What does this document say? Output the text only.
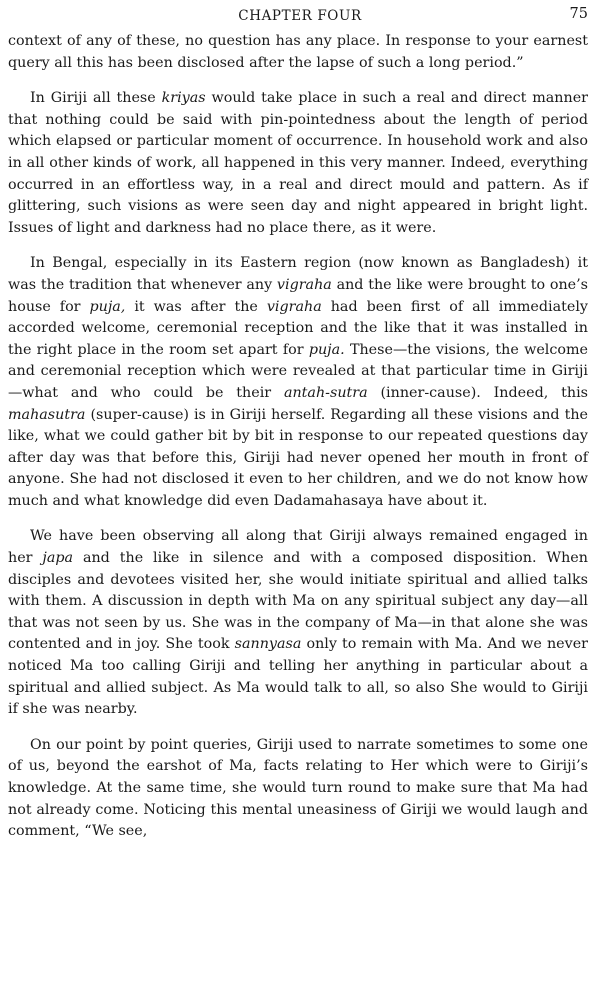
CHAPTER FOUR	75

context of any of these, no question has any place. In response to your earnest query all this has been disclosed after the lapse of such a long period.”

In Giriji all these kriyas would take place in such a real and direct manner that nothing could be said with pin-pointedness about the length of period which elapsed or particular moment of occurrence. In household work and also in all other kinds of work, all happened in this very manner. Indeed, everything occurred in an effortless way, in a real and direct mould and pattern. As if glittering, such visions as were seen day and night appeared in bright light. Issues of light and darkness had no place there, as it were.

In Bengal, especially in its Eastern region (now known as Bangladesh) it was the tradition that whenever any vigraha and the like were brought to one’s house for puja, it was after the vigraha had been first of all immediately accorded welcome, ceremonial reception and the like that it was installed in the right place in the room set apart for puja. These—the visions, the welcome and ceremonial reception which were revealed at that particular time in Giriji—what and who could be their antah-sutra (inner-cause). Indeed, this mahasutra (super-cause) is in Giriji herself. Regarding all these visions and the like, what we could gather bit by bit in response to our repeated questions day after day was that before this, Giriji had never opened her mouth in front of anyone. She had not disclosed it even to her children, and we do not know how much and what knowledge did even Dadamahasaya have about it.

We have been observing all along that Giriji always remained engaged in her japa and the like in silence and with a composed disposition. When disciples and devotees visited her, she would initiate spiritual and allied talks with them. A discussion in depth with Ma on any spiritual subject any day—all that was not seen by us. She was in the company of Ma—in that alone she was contented and in joy. She took sannyasa only to remain with Ma. And we never noticed Ma too calling Giriji and telling her anything in particular about a spiritual and allied subject. As Ma would talk to all, so also She would to Giriji if she was nearby.

On our point by point queries, Giriji used to narrate sometimes to some one of us, beyond the earshot of Ma, facts relating to Her which were to Giriji’s knowledge. At the same time, she would turn round to make sure that Ma had not already come. Noticing this mental uneasiness of Giriji we would laugh and comment, “We see,
